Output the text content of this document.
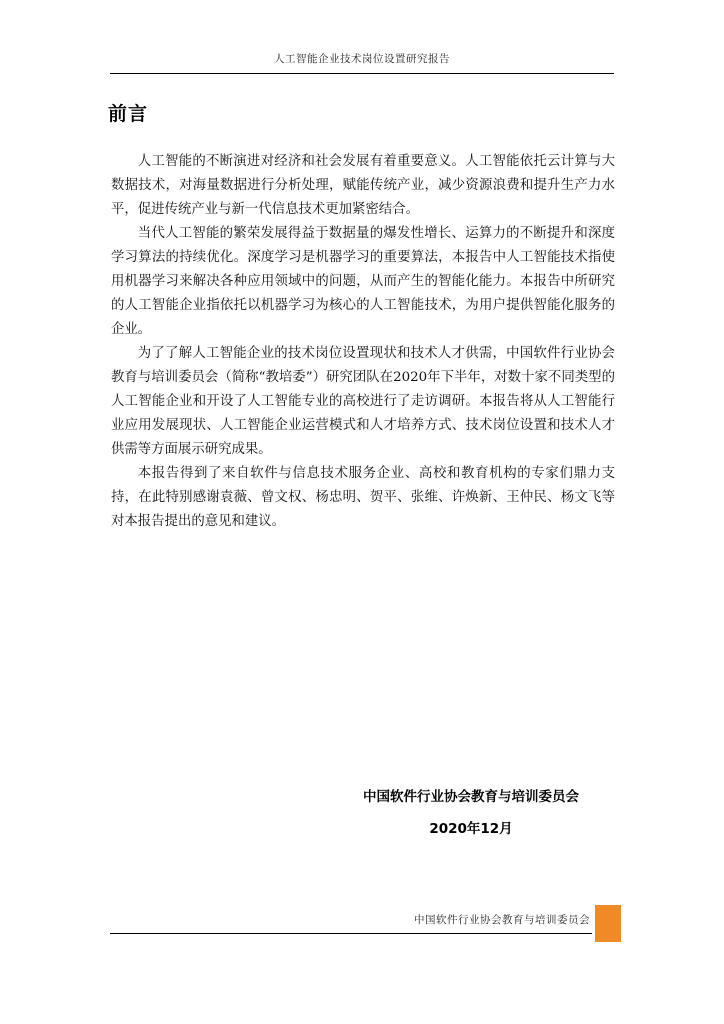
人工智能企业技术岗位设置研究报告
前言

人工智能的不断演进对经济和社会发展有着重要意义。人工智能依托云计算与大数据技术，对海量数据进行分析处理，赋能传统产业，减少资源浪费和提升生产力水平，促进传统产业与新一代信息技术更加紧密结合。

当代人工智能的繁荣发展得益于数据量的爆发性增长、运算力的不断提升和深度学习算法的持续优化。深度学习是机器学习的重要算法，本报告中人工智能技术指使用机器学习来解决各种应用领域中的问题，从而产生的智能化能力。本报告中所研究的人工智能企业指依托以机器学习为核心的人工智能技术，为用户提供智能化服务的企业。

为了了解人工智能企业的技术岗位设置现状和技术人才供需，中国软件行业协会教育与培训委员会（简称“教培委”）研究团队在2020年下半年，对数十家不同类型的人工智能企业和开设了人工智能专业的高校进行了走访调研。本报告将从人工智能行业应用发展现状、人工智能企业运营模式和人才培养方式、技术岗位设置和技术人才供需等方面展示研究成果。

本报告得到了来自软件与信息技术服务企业、高校和教育机构的专家们鼎力支持，在此特别感谢袁薇、曾文权、杨忠明、贺平、张维、许焕新、王仲民、杨文飞等对本报告提出的意见和建议。

中国软件行业协会教育与培训委员会
2020年12月
中国软件行业协会教育与培训委员会
